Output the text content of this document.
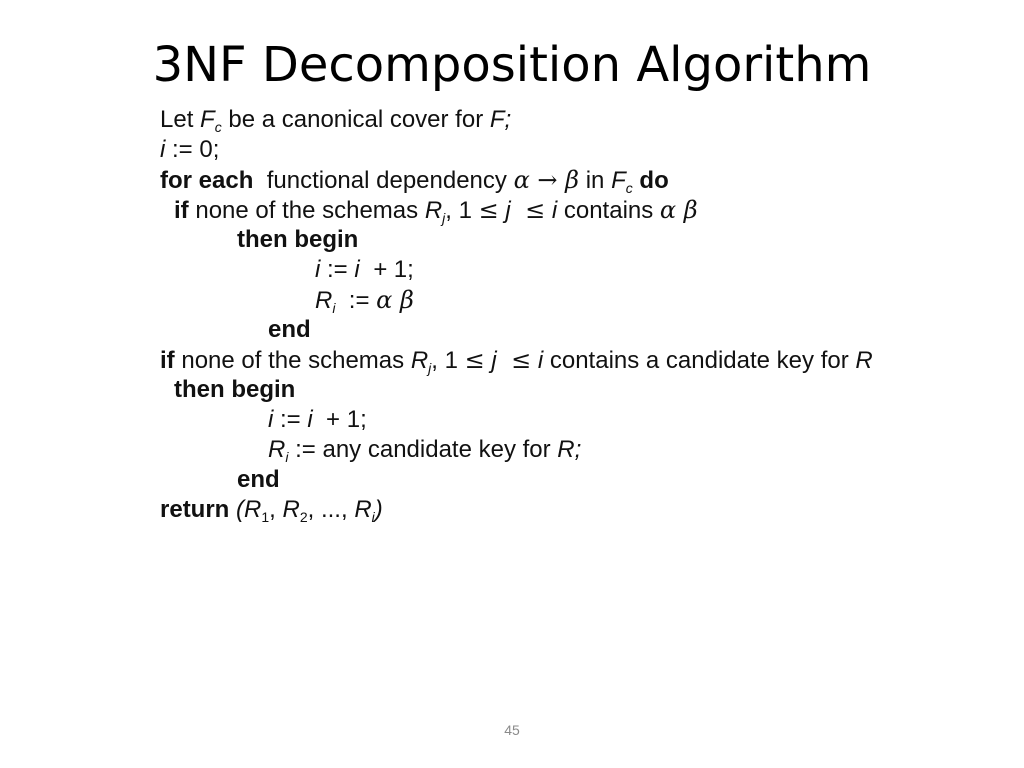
3NF Decomposition Algorithm
Let $F_c$ be a canonical cover for F;
i := 0;
for each  functional dependency α → β in $F_c$ do
if none of the schemas $R_j$, 1 ≤ j  ≤ i contains α β
then begin
i := i  + 1;
$R_i$  := α β
end
if none of the schemas $R_j$, 1 ≤ j  ≤ i contains a candidate key for R
then begin
i := i  + 1;
$R_i$ := any candidate key for R;
end
return ($R_1$, $R_2$, ..., $R_i$)
45
